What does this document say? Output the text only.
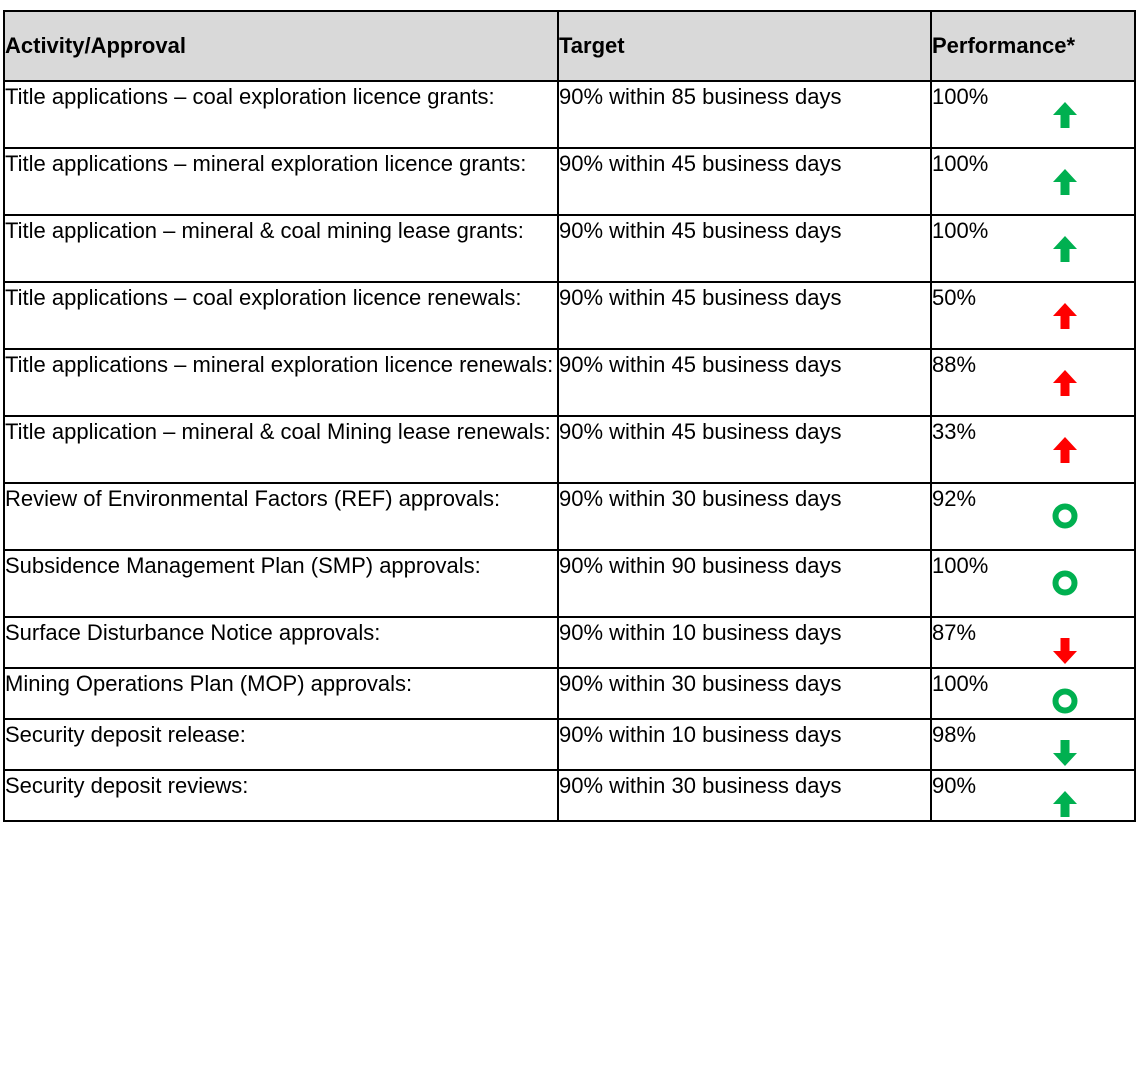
Activity/Approval	Target	Performance*
Title applications – coal exploration licence grants:	90% within 85 business days	100%

Title applications – mineral exploration licence grants:	90% within 45 business days	100%

Title application – mineral & coal mining lease grants:	90% within 45 business days	100%

Title applications – coal exploration licence renewals:	90% within 45 business days	50%

Title applications – mineral exploration licence renewals:	90% within 45 business days	88%

Title application – mineral & coal Mining lease renewals:	90% within 45 business days	33%

Review of Environmental Factors (REF) approvals:	90% within 30 business days	92%

Subsidence Management Plan (SMP) approvals:	90% within 90 business days	100%

Surface Disturbance Notice approvals:	90% within 10 business days	87%

Mining Operations Plan (MOP) approvals:	90% within 30 business days	100%

Security deposit release:	90% within 10 business days	98%

Security deposit reviews:	90% within 30 business days	90%
